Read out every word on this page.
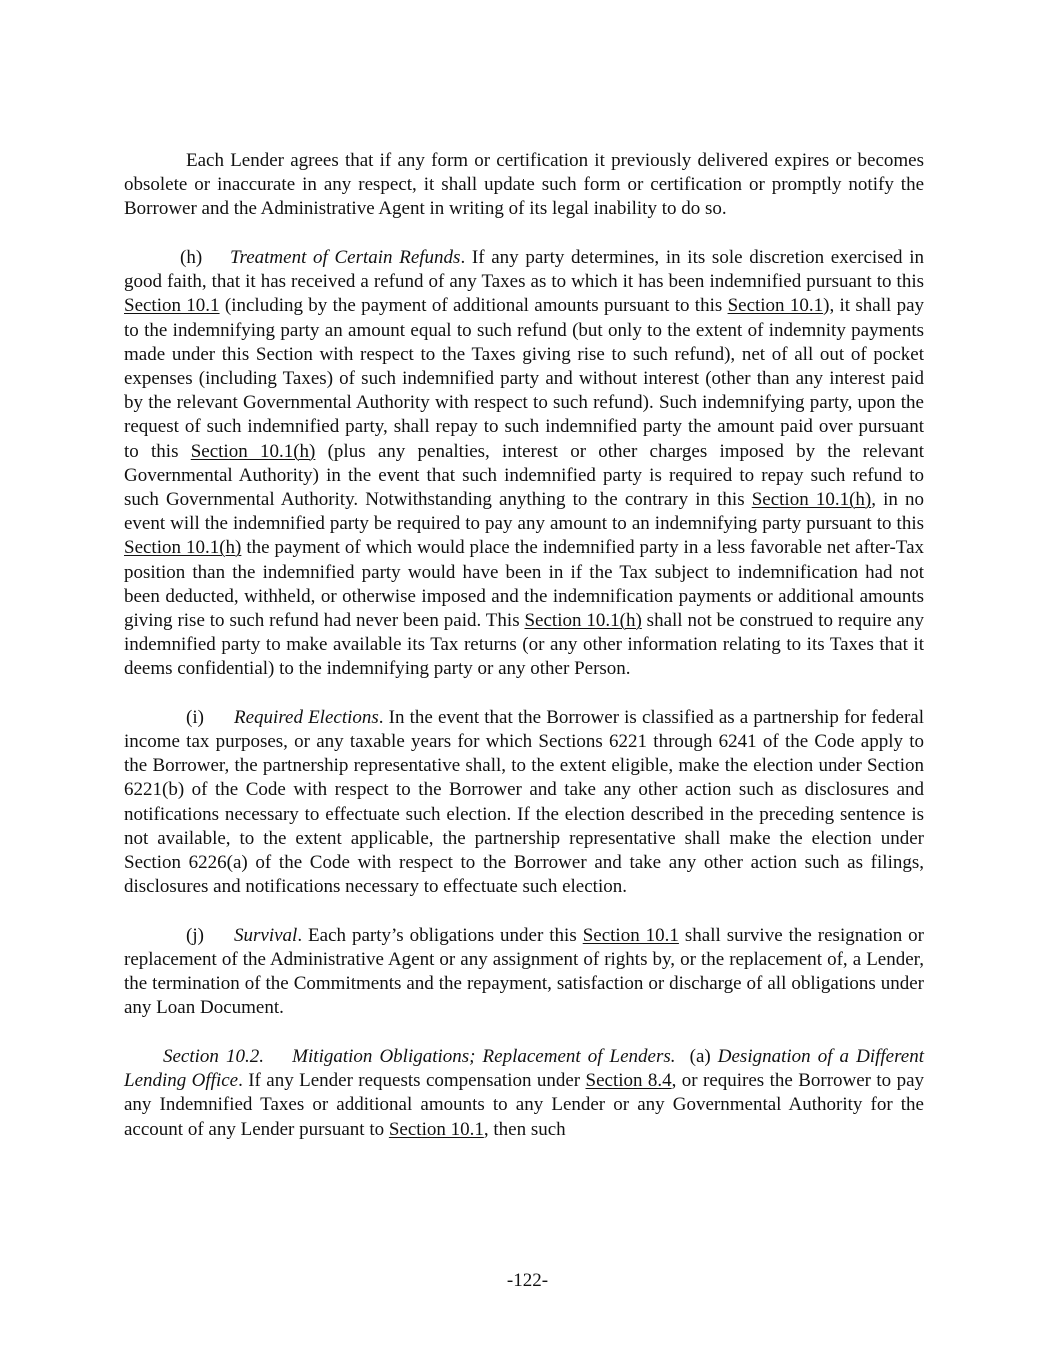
Each Lender agrees that if any form or certification it previously delivered expires or becomes obsolete or inaccurate in any respect, it shall update such form or certification or promptly notify the Borrower and the Administrative Agent in writing of its legal inability to do so.

(h) Treatment of Certain Refunds. If any party determines, in its sole discretion exercised in good faith, that it has received a refund of any Taxes as to which it has been indemnified pursuant to this Section 10.1 (including by the payment of additional amounts pursuant to this Section 10.1), it shall pay to the indemnifying party an amount equal to such refund (but only to the extent of indemnity payments made under this Section with respect to the Taxes giving rise to such refund), net of all out of pocket expenses (including Taxes) of such indemnified party and without interest (other than any interest paid by the relevant Governmental Authority with respect to such refund). Such indemnifying party, upon the request of such indemnified party, shall repay to such indemnified party the amount paid over pursuant to this Section 10.1(h) (plus any penalties, interest or other charges imposed by the relevant Governmental Authority) in the event that such indemnified party is required to repay such refund to such Governmental Authority. Notwithstanding anything to the contrary in this Section 10.1(h), in no event will the indemnified party be required to pay any amount to an indemnifying party pursuant to this Section 10.1(h) the payment of which would place the indemnified party in a less favorable net after-Tax position than the indemnified party would have been in if the Tax subject to indemnification had not been deducted, withheld, or otherwise imposed and the indemnification payments or additional amounts giving rise to such refund had never been paid. This Section 10.1(h) shall not be construed to require any indemnified party to make available its Tax returns (or any other information relating to its Taxes that it deems confidential) to the indemnifying party or any other Person.

(i) Required Elections. In the event that the Borrower is classified as a partnership for federal income tax purposes, or any taxable years for which Sections 6221 through 6241 of the Code apply to the Borrower, the partnership representative shall, to the extent eligible, make the election under Section 6221(b) of the Code with respect to the Borrower and take any other action such as disclosures and notifications necessary to effectuate such election. If the election described in the preceding sentence is not available, to the extent applicable, the partnership representative shall make the election under Section 6226(a) of the Code with respect to the Borrower and take any other action such as filings, disclosures and notifications necessary to effectuate such election.

(j) Survival. Each party’s obligations under this Section 10.1 shall survive the resignation or replacement of the Administrative Agent or any assignment of rights by, or the replacement of, a Lender, the termination of the Commitments and the repayment, satisfaction or discharge of all obligations under any Loan Document.

Section 10.2.    Mitigation Obligations; Replacement of Lenders.  (a) Designation of a Different Lending Office. If any Lender requests compensation under Section 8.4, or requires the Borrower to pay any Indemnified Taxes or additional amounts to any Lender or any Governmental Authority for the account of any Lender pursuant to Section 10.1, then such

-122-
